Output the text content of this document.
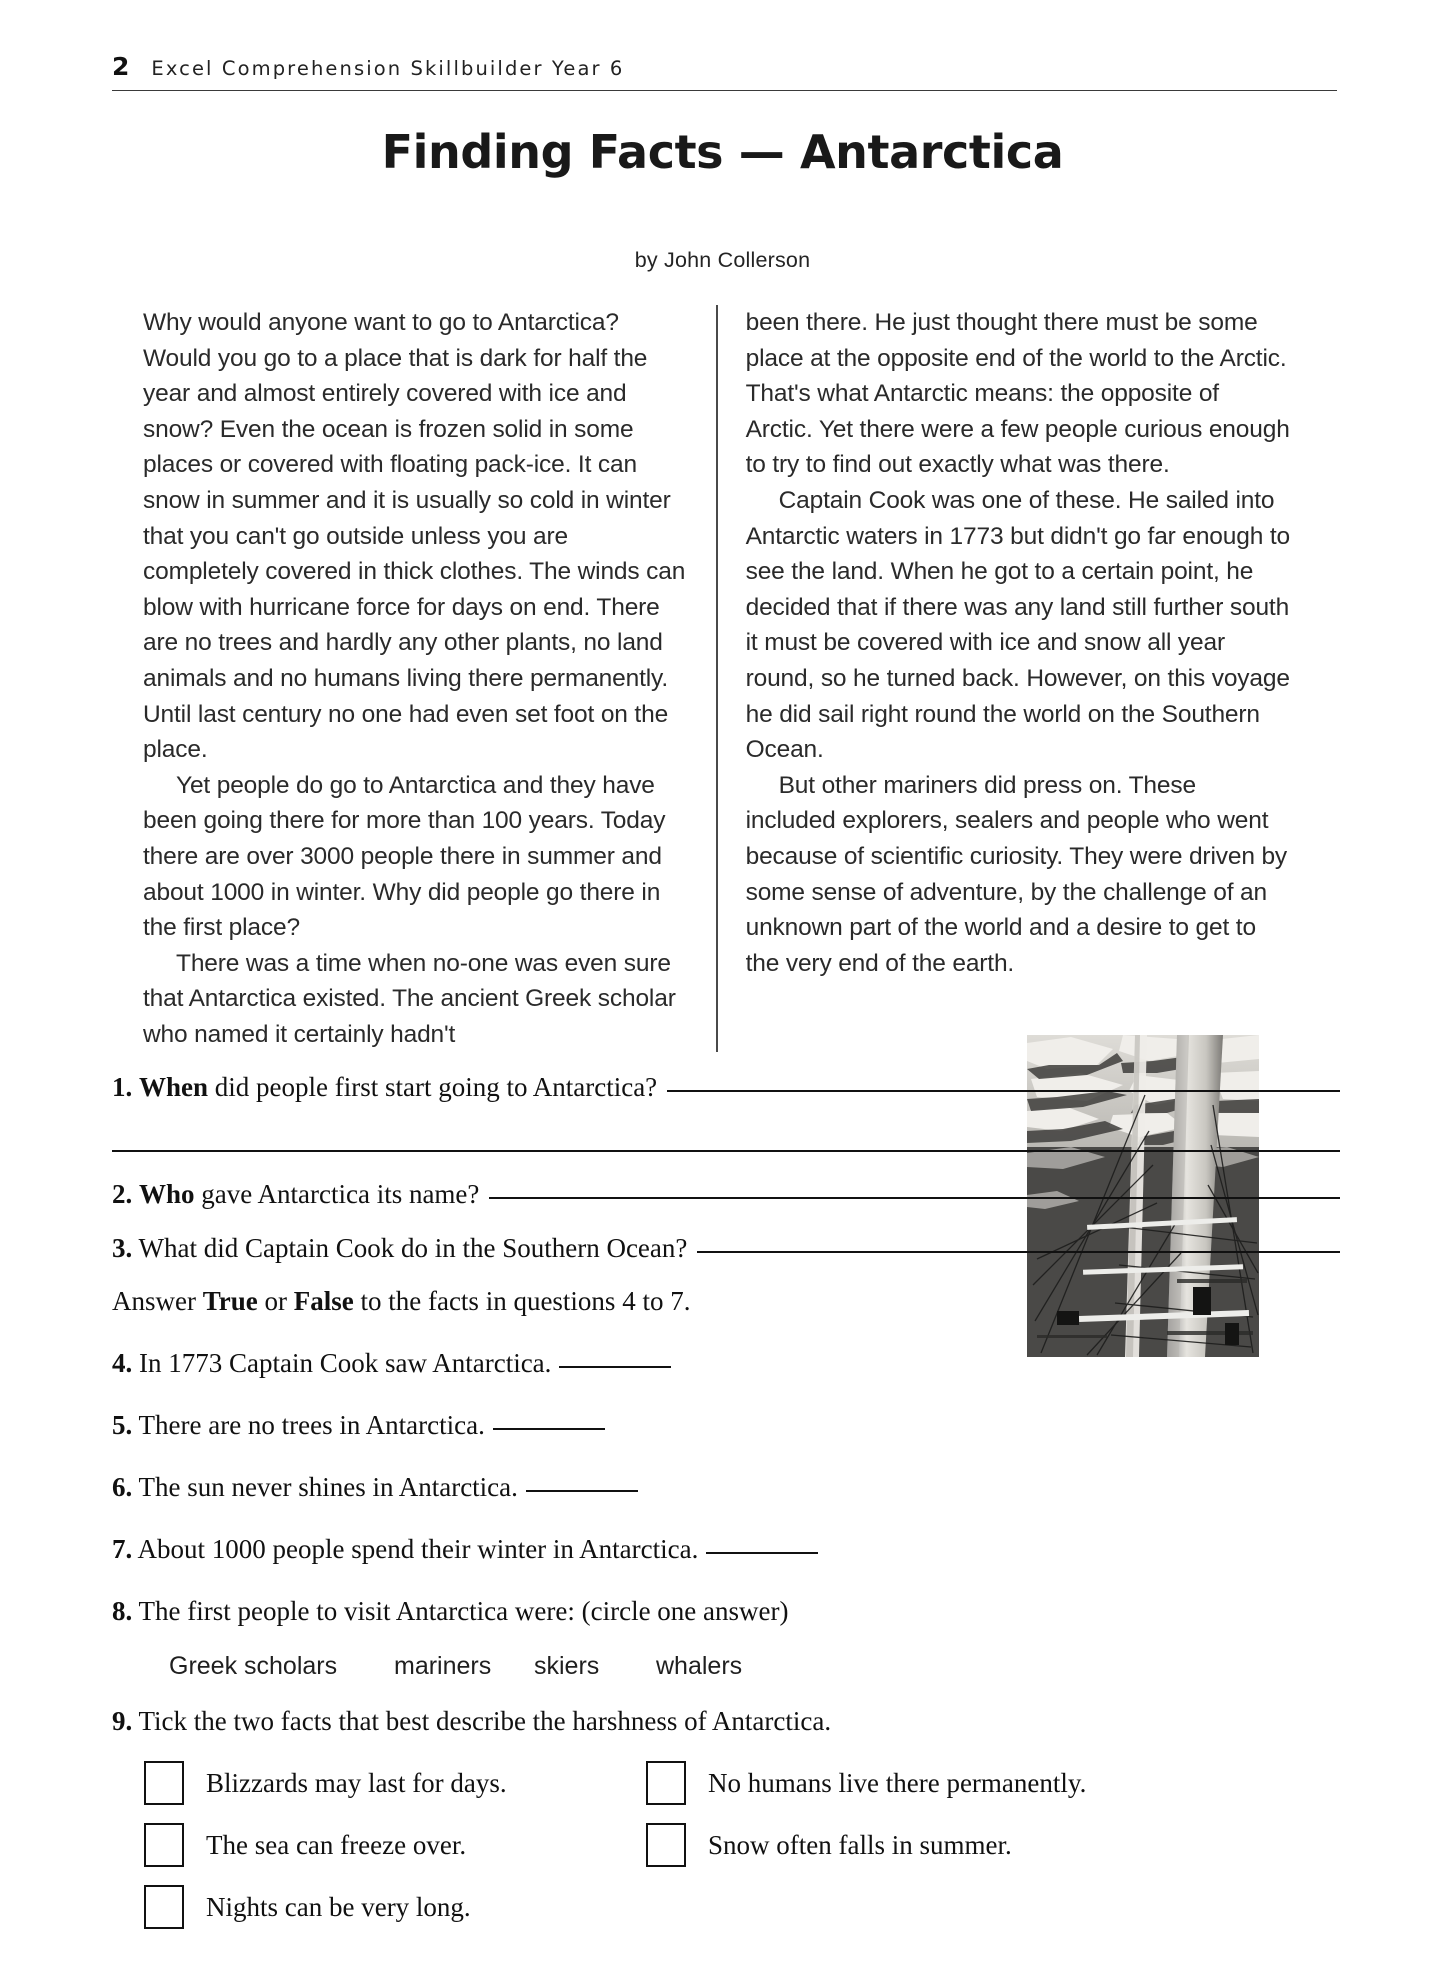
2 Excel Comprehension Skillbuilder Year 6
Finding Facts — Antarctica
by John Collerson

Why would anyone want to go to Antarctica? Would you go to a place that is dark for half the year and almost entirely covered with ice and snow? Even the ocean is frozen solid in some places or covered with floating pack-ice. It can snow in summer and it is usually so cold in winter that you can't go outside unless you are completely covered in thick clothes. The winds can blow with hurricane force for days on end. There are no trees and hardly any other plants, no land animals and no humans living there permanently. Until last century no one had even set foot on the place.

Yet people do go to Antarctica and they have been going there for more than 100 years. Today there are over 3000 people there in summer and about 1000 in winter. Why did people go there in the first place?

There was a time when no-one was even sure that Antarctica existed. The ancient Greek scholar who named it certainly hadn't

been there. He just thought there must be some place at the opposite end of the world to the Arctic. That's what Antarctic means: the opposite of Arctic. Yet there were a few people curious enough to try to find out exactly what was there.

Captain Cook was one of these. He sailed into Antarctic waters in 1773 but didn't go far enough to see the land. When he got to a certain point, he decided that if there was any land still further south it must be covered with ice and snow all year round, so he turned back. However, on this voyage he did sail right round the world on the Southern Ocean.

But other mariners did press on. These included explorers, sealers and people who went because of scientific curiosity. They were driven by some sense of adventure, by the challenge of an unknown part of the world and a desire to get to the very end of the earth.

1. When did people first start going to Antarctica?
2. Who gave Antarctica its name?
3. What did Captain Cook do in the Southern Ocean?
Answer True or False to the facts in questions 4 to 7.
4. In 1773 Captain Cook saw Antarctica.
5. There are no trees in Antarctica.
6. The sun never shines in Antarctica.
7. About 1000 people spend their winter in Antarctica.
8. The first people to visit Antarctica were: (circle one answer)
Greek scholars	mariners	skiers	whalers
9. Tick the two facts that best describe the harshness of Antarctica.
Blizzards may last for days.	No humans live there permanently.
The sea can freeze over.	Snow often falls in summer.
Nights can be very long.
